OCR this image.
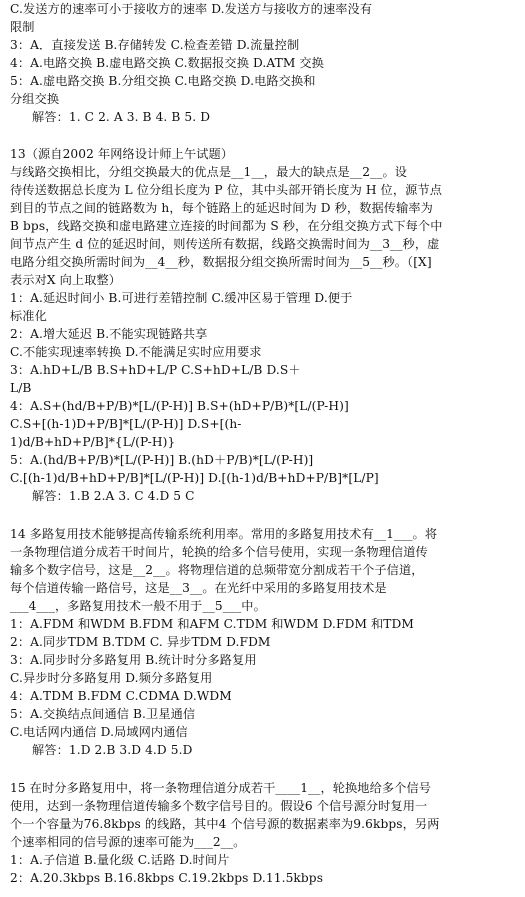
C.发送方的速率可小于接收方的速率 D.发送方与接收方的速率没有
限制
3：A．直接发送 B.存储转发 C.检查差错 D.流量控制
4：A.电路交换 B.虚电路交换 C.数据报交换 D.ATM 交换
5：A.虚电路交换 B.分组交换 C.电路交换 D.电路交换和
分组交换
解答：1. C 2. A 3. B 4. B 5. D
13（源自2002 年网络设计师上午试题）
与线路交换相比，分组交换最大的优点是__1__，最大的缺点是__2__。设
待传送数据总长度为 L 位分组长度为 P 位，其中头部开销长度为 H 位，源节点
到目的节点之间的链路数为 h，每个链路上的延迟时间为 D 秒，数据传输率为
B bps，线路交换和虚电路建立连接的时间都为 S 秒，在分组交换方式下每个中
间节点产生 d 位的延迟时间，则传送所有数据，线路交换需时间为__3__秒，虚
电路分组交换所需时间为__4__秒，数据报分组交换所需时间为__5__秒。（[X]
表示对X 向上取整）
1：A.延迟时间小 B.可进行差错控制 C.缓冲区易于管理 D.便于
标准化
2：A.增大延迟 B.不能实现链路共享
C.不能实现速率转换 D.不能满足实时应用要求
3：A.hD+L/B B.S+hD+L/P C.S+hD+L/B D.S＋
L/B
4：A.S+(hd/B+P/B)*[L/(P-H)] B.S+(hD+P/B)*[L/(P-H)]
C.S+[(h-1)D+P/B]*[L/(P-H)] D.S+[(h-
1)d/B+hD+P/B]*{L/(P-H)}
5：A.(hd/B+P/B)*[L/(P-H)] B.(hD＋P/B)*[L/(P-H)]
C.[(h-1)d/B+hD+P/B]*[L/(P-H)] D.[(h-1)d/B+hD+P/B]*[L/P]
解答：1.B 2.A 3. C 4.D 5 C
14 多路复用技术能够提高传输系统利用率。常用的多路复用技术有__1___。将
一条物理信道分成若干时间片，轮换的给多个信号使用，实现一条物理信道传
输多个数字信号，这是__2__。将物理信道的总频带宽分割成若干个子信道，
每个信道传输一路信号，这是__3__。在光纤中采用的多路复用技术是
___4___，多路复用技术一般不用于__5___中。
1：A.FDM 和WDM B.FDM 和AFM C.TDM 和WDM D.FDM 和TDM
2：A.同步TDM B.TDM C. 异步TDM D.FDM
3：A.同步时分多路复用 B.统计时分多路复用
C.异步时分多路复用 D.频分多路复用
4：A.TDM B.FDM C.CDMA D.WDM
5：A.交换结点间通信 B.卫星通信
C.电话网内通信 D.局域网内通信
解答：1.D 2.B 3.D 4.D 5.D
15 在时分多路复用中，将一条物理信道分成若干____1__，轮换地给多个信号
使用，达到一条物理信道传输多个数字信号目的。假设6 个信号源分时复用一
个一个容量为76.8kbps 的线路，其中4 个信号源的数据素率为9.6kbps，另两
个速率相同的信号源的速率可能为___2__。
1：A.子信道 B.量化级 C.话路 D.时间片
2：A.20.3kbps B.16.8kbps C.19.2kbps D.11.5kbps
